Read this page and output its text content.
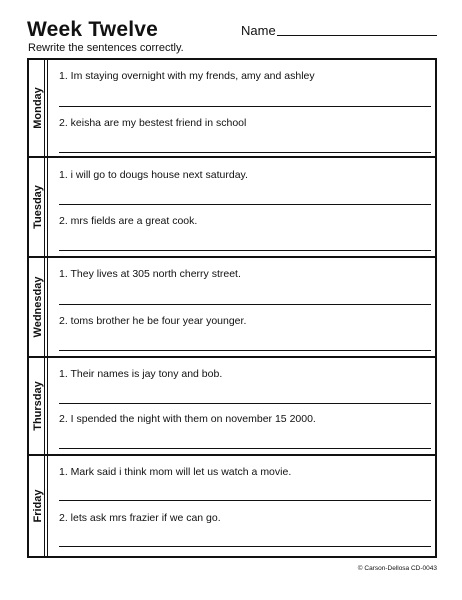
Week Twelve	Name
Rewrite the sentences correctly.
Monday
1. Im staying overnight with my frends, amy and ashley
2. keisha are my bestest friend in school
Tuesday
1. i will go to dougs house next saturday.
2. mrs fields are a great cook.
Wednesday
1. They lives at 305 north cherry street.
2. toms brother he be four year younger.
Thursday
1. Their names is jay tony and bob.
2. I spended the night with them on november 15 2000.
Friday
1. Mark said i think mom will let us watch a movie.
2. lets ask mrs frazier if we can go.
© Carson-Dellosa CD-0043
